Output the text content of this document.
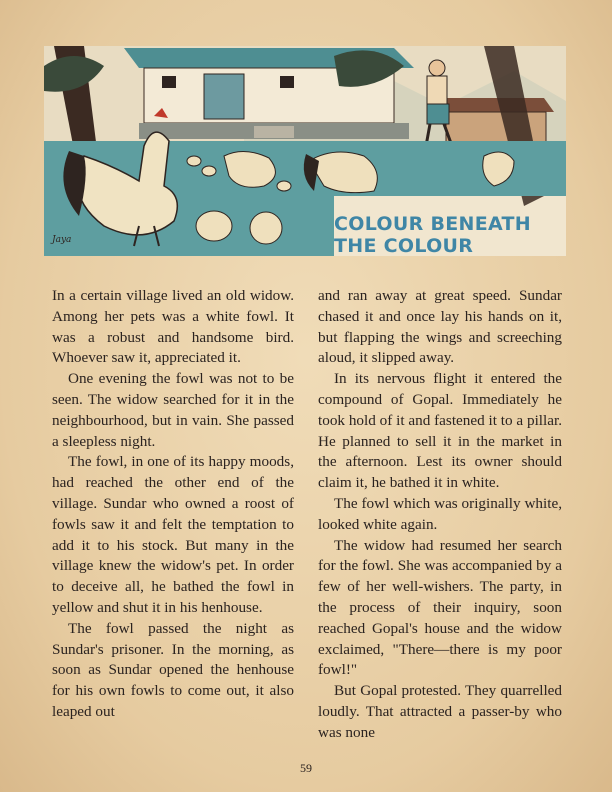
Jaya
COLOUR BENEATH
THE COLOUR

In a certain village lived an old widow. Among her pets was a white fowl. It was a robust and handsome bird. Whoever saw it, appreciated it.

One evening the fowl was not to be seen. The widow searched for it in the neighbourhood, but in vain. She passed a sleepless night.

The fowl, in one of its happy moods, had reached the other end of the village. Sundar who owned a roost of fowls saw it and felt the temptation to add it to his stock. But many in the village knew the widow's pet. In order to deceive all, he bathed the fowl in yellow and shut it in his henhouse.

The fowl passed the night as Sundar's prisoner. In the morning, as soon as Sundar opened the henhouse for his own fowls to come out, it also leaped out

and ran away at great speed. Sundar chased it and once lay his hands on it, but flapping the wings and screeching aloud, it slipped away.

In its nervous flight it entered the compound of Gopal. Immediately he took hold of it and fastened it to a pillar. He planned to sell it in the market in the afternoon. Lest its owner should claim it, he bathed it in white.

The fowl which was originally white, looked white again.

The widow had resumed her search for the fowl. She was accompanied by a few of her well-wishers. The party, in the process of their inquiry, soon reached Gopal's house and the widow exclaimed, "There—there is my poor fowl!"

But Gopal protested. They quarrelled loudly. That attracted a passer-by who was none

59
